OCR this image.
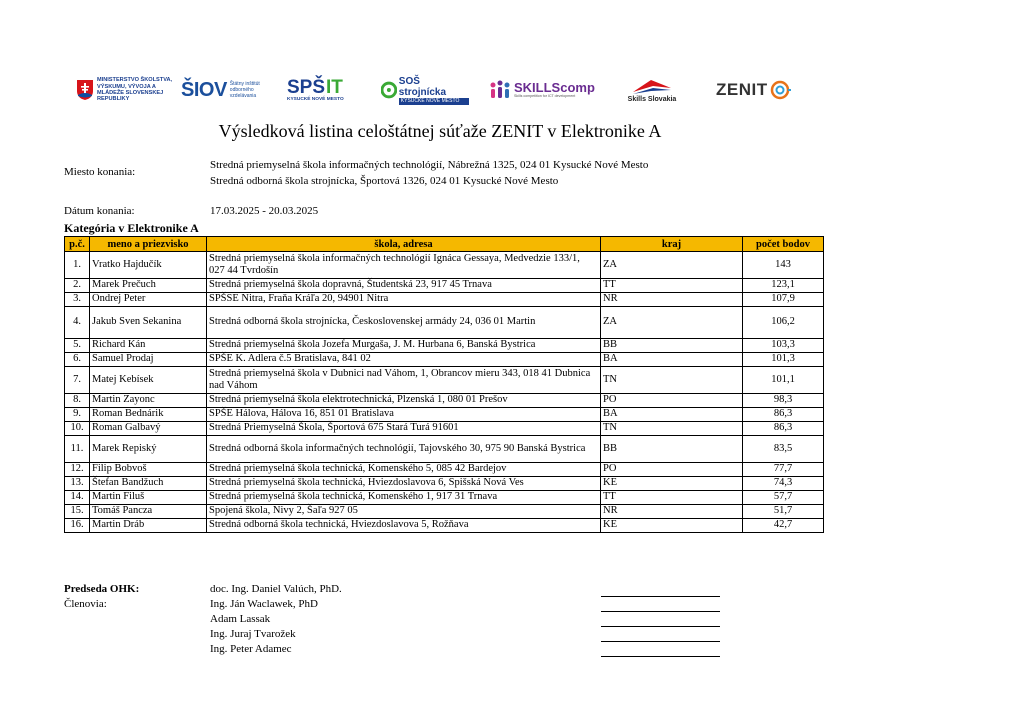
MINISTERSTVO ŠKOLSTVA, VÝSKUMU, VÝVOJA A MLÁDEŽE SLOVENSKEJ REPUBLIKY	ŠIOV Štátny inštitút odborného vzdelávania	SPŠ IT
KYSUCKÉ NOVÉ MESTO
SOŠ strojnícka
KYSUCKÉ NOVÉ MESTO
SKILLScomp
Skills competition for ICT development	Skills Slovakia ZENIT
Výsledková listina celoštátnej súťaže ZENIT v Elektronike A
Miesto konania:
Stredná priemyselná škola informačných technológií, Nábrežná 1325, 024 01 Kysucké Nové Mesto
Stredná odborná škola strojnícka, Športová 1326, 024 01 Kysucké Nové Mesto
Dátum konania:	17.03.2025 - 20.03.2025
Kategória v Elektronike A
p.č.	meno a priezvisko	škola, adresa	kraj	počet bodov
1.	Vratko Hajdučík	Stredná priemyselná škola informačných technológií Ignáca Gessaya, Medvedzie 133/1, 027 44 Tvrdošín	ZA	143
2.	Marek Prečuch	Stredná priemyselná škola dopravná, Študentská 23, 917 45 Trnava	TT	123,1
3.	Ondrej Peter	SPŠSE Nitra, Fraňa Kráľa 20, 94901 Nitra	NR	107,9
4.	Jakub Sven Sekanina	Stredná odborná škola strojnícka, Československej armády 24, 036 01 Martin	ZA	106,2
5.	Richard Kán	Stredná priemyselná škola Jozefa Murgaša, J. M. Hurbana 6, Banská Bystrica	BB	103,3
6.	Samuel Prodaj	SPŠE K. Adlera č.5 Bratislava, 841 02	BA	101,3
7.	Matej Kebísek	Stredná priemyselná škola v Dubnici nad Váhom, 1, Obrancov mieru 343, 018 41 Dubnica nad Váhom	TN	101,1
8.	Martin Zayonc	Stredná priemyselná škola elektrotechnická, Plzenská 1, 080 01 Prešov	PO	98,3
9.	Roman Bednárik	SPŠE Hálova, Hálova 16, 851 01 Bratislava	BA	86,3
10.	Roman Galbavý	Stredná Priemyselná Škola, Športová 675 Stará Turá 91601	TN	86,3
11.	Marek Repiský	Stredná odborná škola informačných technológií, Tajovského 30, 975 90 Banská Bystrica	BB	83,5
12.	Filip Bobvoš	Stredná priemyselná škola technická, Komenského 5, 085 42 Bardejov	PO	77,7
13.	Štefan Bandžuch	Stredná priemyselná škola technická, Hviezdoslavova 6, Spišská Nová Ves	KE	74,3
14.	Martin Filuš	Stredná priemyselná škola technická, Komenského 1, 917 31 Trnava	TT	57,7
15.	Tomáš Pancza	Spojená škola, Nivy 2, Šaľa 927 05	NR	51,7
16.	Martin Dráb	Stredná odborná škola technická, Hviezdoslavova 5, Rožňava	KE	42,7
Predseda OHK:
Členovia:
doc. Ing. Daniel Valúch, PhD.
Ing. Ján Waclawek, PhD
Adam Lassak
Ing. Juraj Tvarožek
Ing. Peter Adamec
